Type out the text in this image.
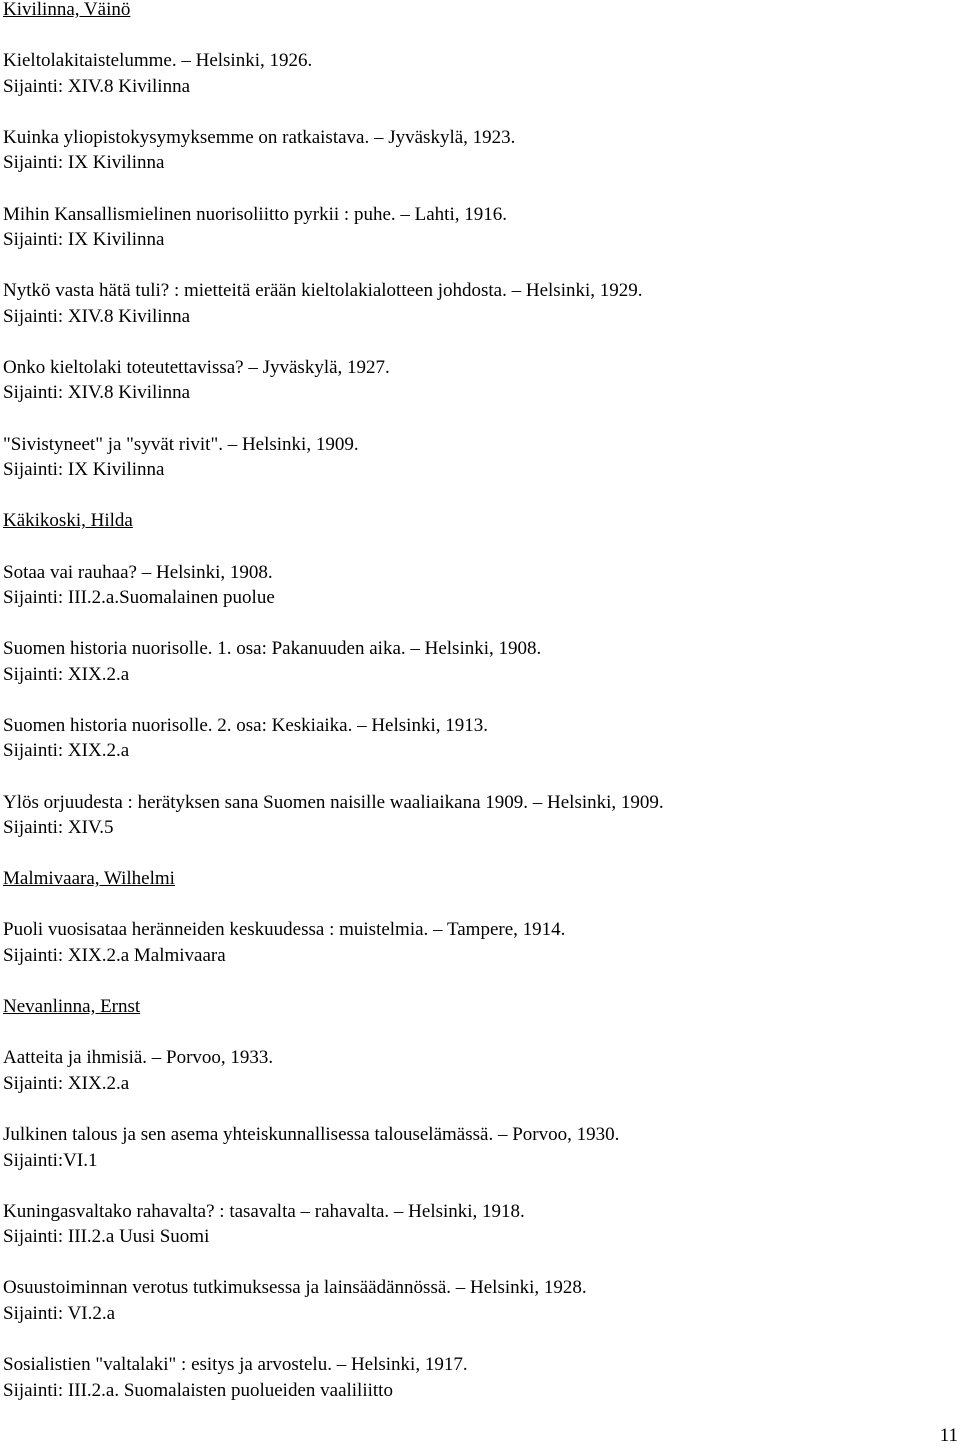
Kivilinna, Väinö
Kieltolakitaistelumme. – Helsinki, 1926.
Sijainti: XIV.8 Kivilinna
Kuinka yliopistokysymyksemme on ratkaistava. – Jyväskylä, 1923.
Sijainti: IX Kivilinna
Mihin Kansallismielinen nuorisoliitto pyrkii : puhe. – Lahti, 1916.
Sijainti: IX Kivilinna
Nytkö vasta hätä tuli? : mietteitä erään kieltolakialotteen johdosta. – Helsinki, 1929.
Sijainti: XIV.8 Kivilinna
Onko kieltolaki toteutettavissa? – Jyväskylä, 1927.
Sijainti: XIV.8 Kivilinna
"Sivistyneet" ja "syvät rivit". – Helsinki, 1909.
Sijainti: IX Kivilinna
Käkikoski, Hilda
Sotaa vai rauhaa? – Helsinki, 1908.
Sijainti: III.2.a.Suomalainen puolue
Suomen historia nuorisolle. 1. osa: Pakanuuden aika. – Helsinki, 1908.
Sijainti: XIX.2.a
Suomen historia nuorisolle. 2. osa: Keskiaika. – Helsinki, 1913.
Sijainti: XIX.2.a
Ylös orjuudesta : herätyksen sana Suomen naisille waaliaikana 1909. – Helsinki, 1909.
Sijainti: XIV.5
Malmivaara, Wilhelmi
Puoli vuosisataa heränneiden keskuudessa : muistelmia. – Tampere, 1914.
Sijainti: XIX.2.a Malmivaara
Nevanlinna, Ernst
Aatteita ja ihmisiä. – Porvoo, 1933.
Sijainti: XIX.2.a
Julkinen talous ja sen asema yhteiskunnallisessa talouselämässä. – Porvoo, 1930.
Sijainti:VI.1
Kuningasvaltako rahavalta? : tasavalta – rahavalta. – Helsinki, 1918.
Sijainti: III.2.a Uusi Suomi
Osuustoiminnan verotus tutkimuksessa ja lainsäädännössä. – Helsinki, 1928.
Sijainti: VI.2.a
Sosialistien "valtalaki" : esitys ja arvostelu. – Helsinki, 1917.
Sijainti: III.2.a. Suomalaisten puolueiden vaaliliitto
11
